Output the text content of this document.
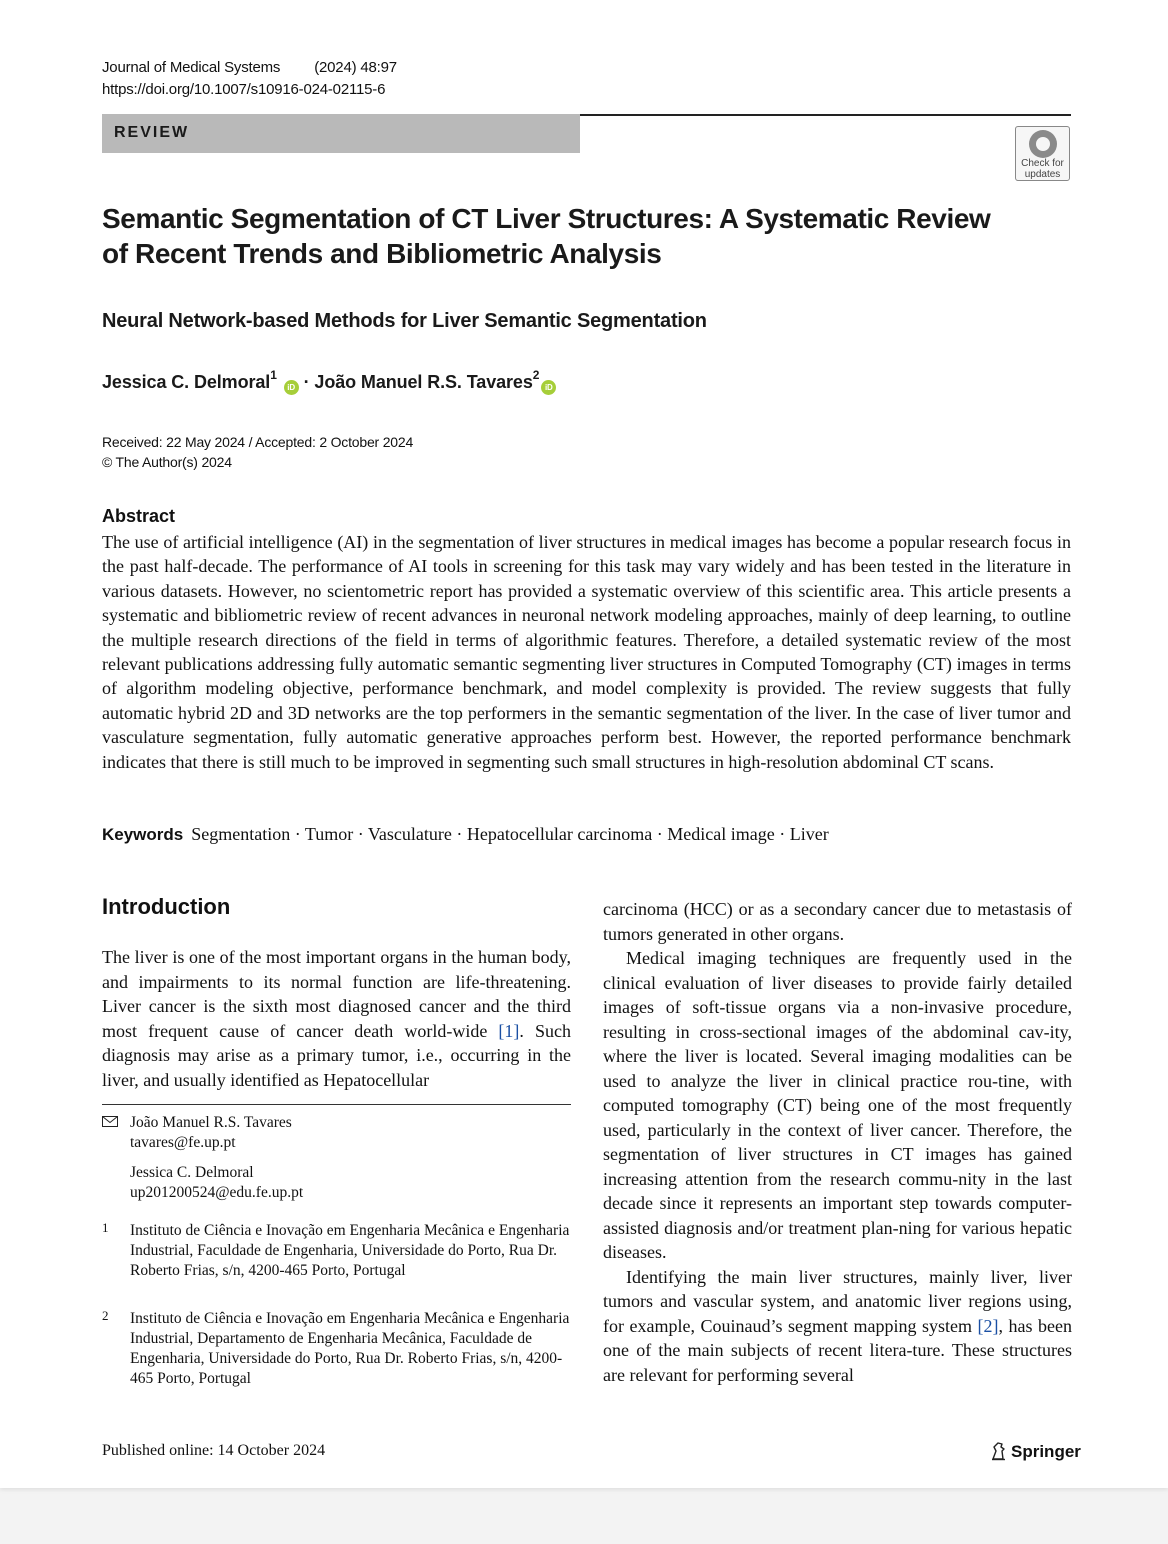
Journal of Medical Systems (2024) 48:97
https://doi.org/10.1007/s10916-024-02115-6
REVIEW
Check for
updates
Semantic Segmentation of CT Liver Structures: A Systematic Review
of Recent Trends and Bibliometric Analysis
Neural Network-based Methods for Liver Semantic Segmentation
Jessica C. Delmoral$^1$ iD · João Manuel R.S. Tavares$^2$iD
Received: 22 May 2024 / Accepted: 2 October 2024
© The Author(s) 2024
Abstract

The use of artificial intelligence (AI) in the segmentation of liver structures in medical images has become a popular research focus in the past half-decade. The performance of AI tools in screening for this task may vary widely and has been tested in the literature in various datasets. However, no scientometric report has provided a systematic overview of this scientific area. This article presents a systematic and bibliometric review of recent advances in neuronal network modeling approaches, mainly of deep learning, to outline the multiple research directions of the field in terms of algorithmic features. Therefore, a detailed systematic review of the most relevant publications addressing fully automatic semantic segmenting liver structures in Computed Tomography (CT) images in terms of algorithm modeling objective, performance benchmark, and model complexity is provided. The review suggests that fully automatic hybrid 2D and 3D networks are the top performers in the semantic segmentation of the liver. In the case of liver tumor and vasculature segmentation, fully automatic generative approaches perform best. However, the reported performance benchmark indicates that there is still much to be improved in segmenting such small structures in high-resolution abdominal CT scans.

Keywords Segmentation · Tumor · Vasculature · Hepatocellular carcinoma · Medical image · Liver
Introduction

The liver is one of the most important organs in the human body, and impairments to its normal function are life-threatening. Liver cancer is the sixth most diagnosed cancer and the third most frequent cause of cancer death world-wide [1]. Such diagnosis may arise as a primary tumor, i.e., occurring in the liver, and usually identified as Hepatocellular

carcinoma (HCC) or as a secondary cancer due to metastasis of tumors generated in other organs.

Medical imaging techniques are frequently used in the clinical evaluation of liver diseases to provide fairly detailed images of soft-tissue organs via a non-invasive procedure, resulting in cross-sectional images of the abdominal cav-ity, where the liver is located. Several imaging modalities can be used to analyze the liver in clinical practice rou-tine, with computed tomography (CT) being one of the most frequently used, particularly in the context of liver cancer. Therefore, the segmentation of liver structures in CT images has gained increasing attention from the research commu-nity in the last decade since it represents an important step towards computer-assisted diagnosis and/or treatment plan-ning for various hepatic diseases.

Identifying the main liver structures, mainly liver, liver tumors and vascular system, and anatomic liver regions using, for example, Couinaud’s segment mapping system [2], has been one of the main subjects of recent litera-ture. These structures are relevant for performing several

João Manuel R.S. Tavares
tavares@fe.up.pt
Jessica C. Delmoral
up201200524@edu.fe.up.pt
1 Instituto de Ciência e Inovação em Engenharia Mecânica e Engenharia Industrial, Faculdade de Engenharia, Universidade do Porto, Rua Dr. Roberto Frias, s/n, 4200-465 Porto, Portugal
2 Instituto de Ciência e Inovação em Engenharia Mecânica e Engenharia Industrial, Departamento de Engenharia Mecânica, Faculdade de Engenharia, Universidade do Porto, Rua Dr. Roberto Frias, s/n, 4200-465 Porto, Portugal
Published online: 14 October 2024	Springer
